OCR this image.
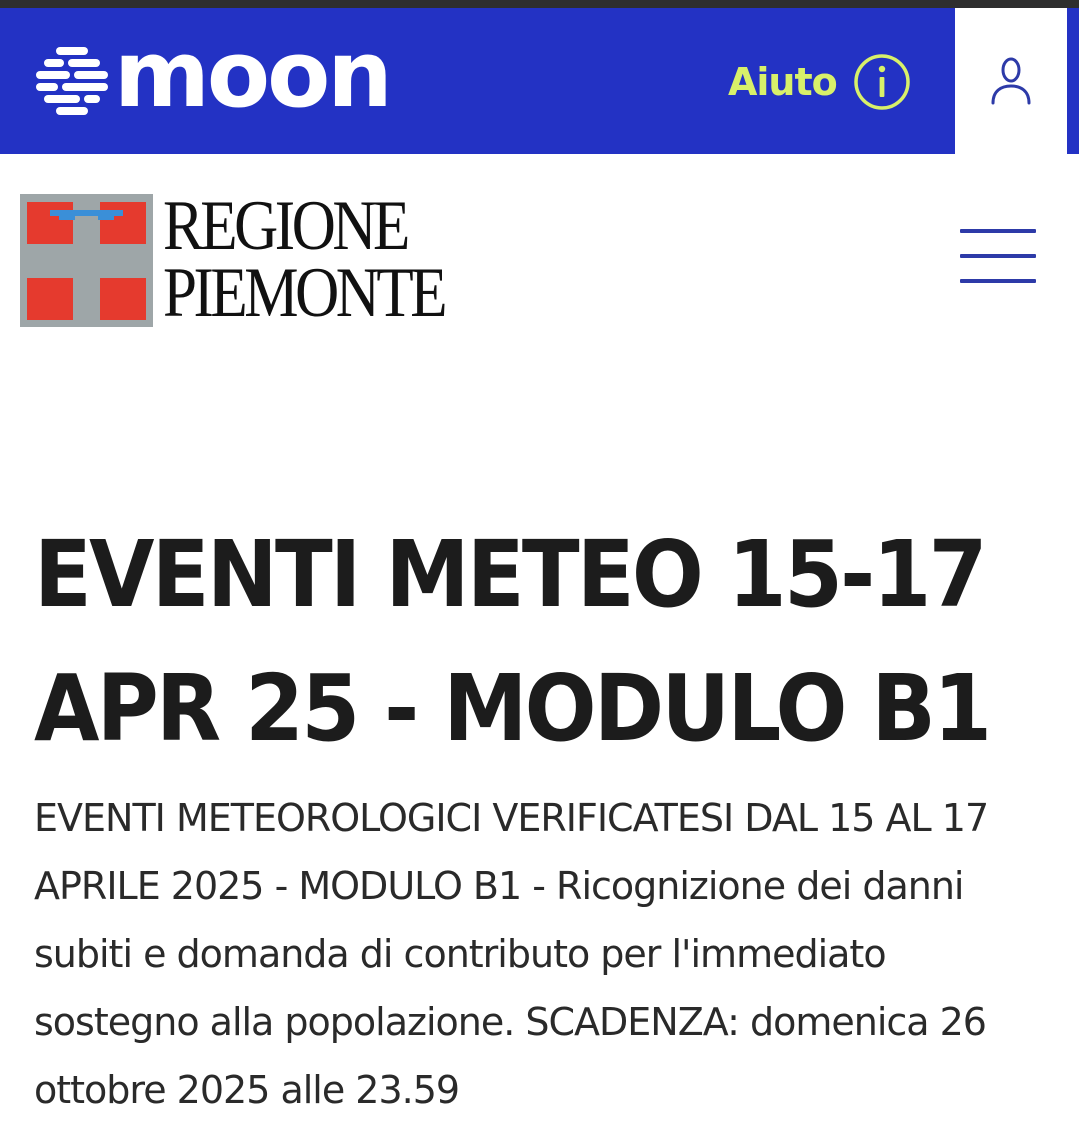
moon	Aiuto
REGIONE
PIEMONTE
EVENTI METEO 15-17
APR 25 - MODULO B1

EVENTI METEOROLOGICI VERIFICATESI DAL 15 AL 17 APRILE 2025 - MODULO B1 - Ricognizione dei danni subiti e domanda di contributo per l'immediato sostegno alla popolazione. SCADENZA: domenica 26 ottobre 2025 alle 23.59
